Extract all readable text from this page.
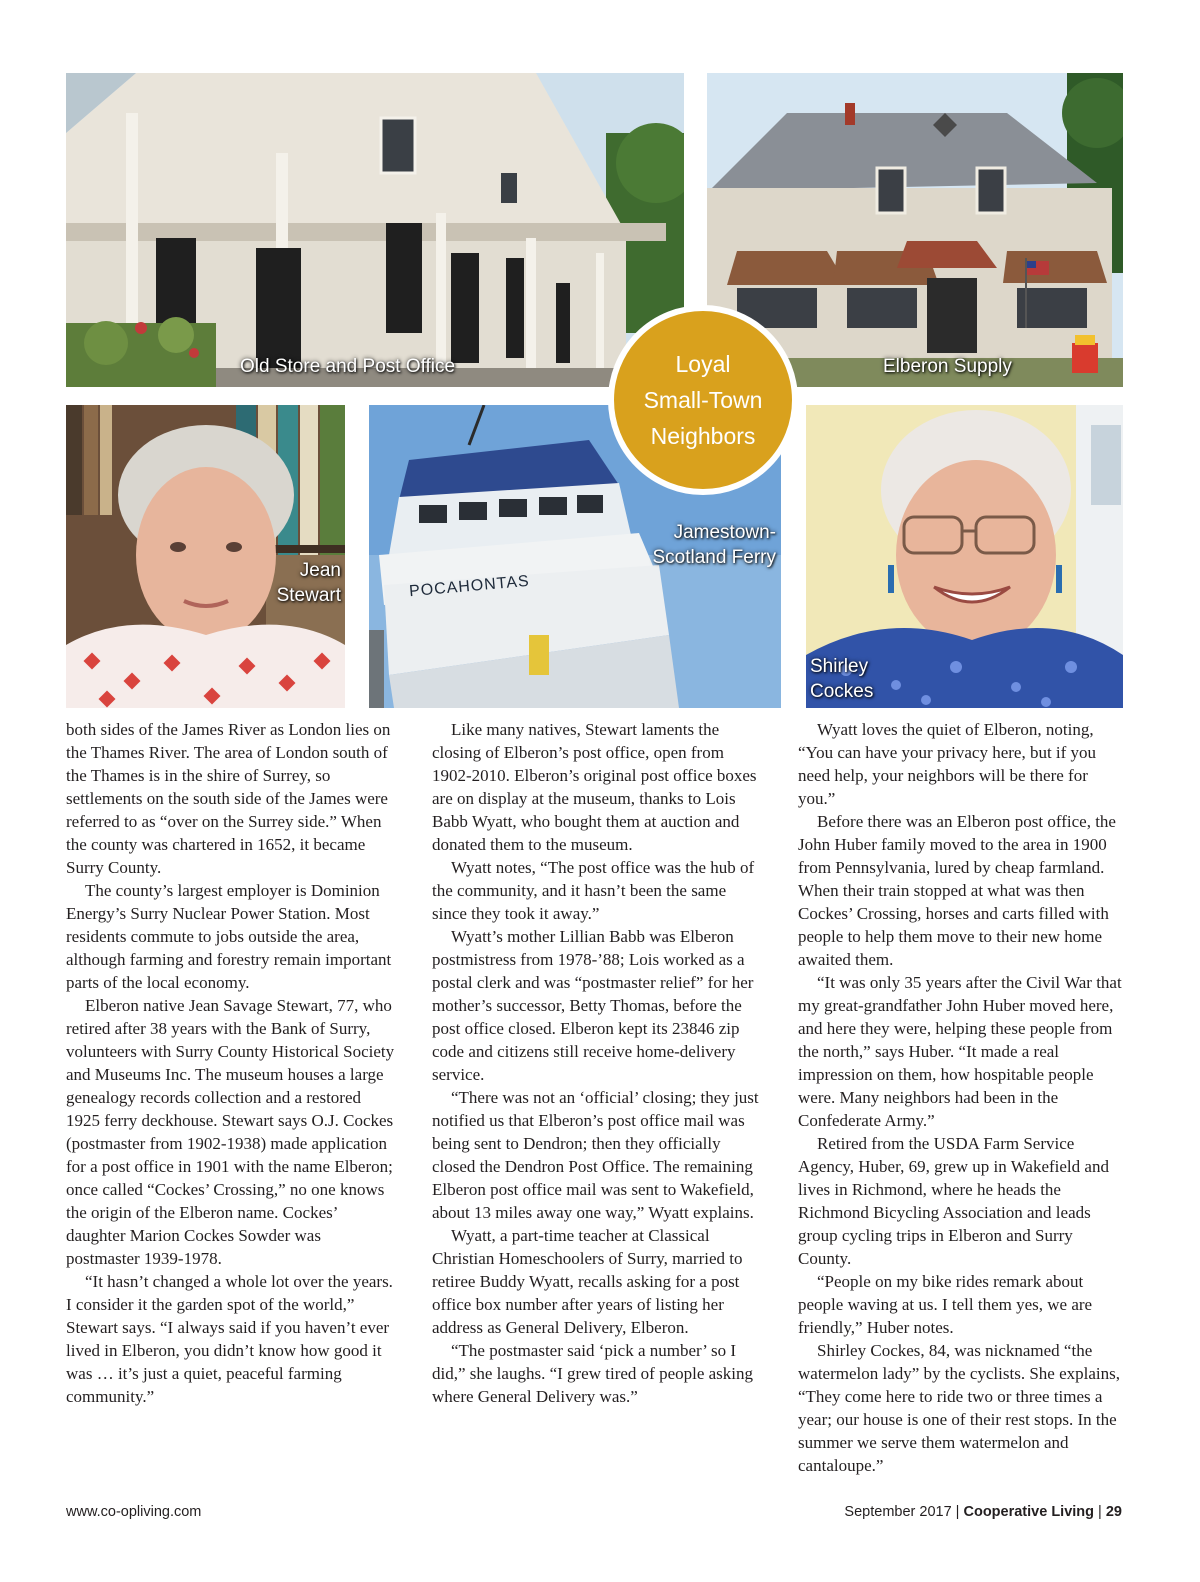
Old Store and Post Office	Elberon Supply
Jean
Stewart	POCAHONTAS
Jamestown-
Scotland Ferry
Shirley
Cockes
Loyal
Small-Town
Neighbors

both sides of the James River as London lies on the Thames River. The area of London south of the Thames is in the shire of Surrey, so settlements on the south side of the James were referred to as “over on the Surrey side.” When the county was chartered in 1652, it became Surry County.

The county’s largest employer is Dominion Energy’s Surry Nuclear Power Station. Most residents commute to jobs outside the area, although farming and forestry remain important parts of the local economy.

Elberon native Jean Savage Stewart, 77, who retired after 38 years with the Bank of Surry, volunteers with Surry County Historical Society and Museums Inc. The museum houses a large genealogy records collection and a restored 1925 ferry deckhouse. Stewart says O.J. Cockes (postmaster from 1902-1938) made application for a post office in 1901 with the name Elberon; once called “Cockes’ Crossing,” no one knows the origin of the Elberon name. Cockes’ daughter Marion Cockes Sowder was postmaster 1939-1978.

“It hasn’t changed a whole lot over the years. I consider it the garden spot of the world,” Stewart says. “I always said if you haven’t ever lived in Elberon, you didn’t know how good it was … it’s just a quiet, peaceful farming community.”

Like many natives, Stewart laments the closing of Elberon’s post office, open from 1902-2010. Elberon’s original post office boxes are on display at the museum, thanks to Lois Babb Wyatt, who bought them at auction and donated them to the museum.

Wyatt notes, “The post office was the hub of the community, and it hasn’t been the same since they took it away.”

Wyatt’s mother Lillian Babb was Elberon postmistress from 1978-’88; Lois worked as a postal clerk and was “postmaster relief” for her mother’s successor, Betty Thomas, before the post office closed. Elberon kept its 23846 zip code and citizens still receive home-delivery service.

“There was not an ‘official’ closing; they just notified us that Elberon’s post office mail was being sent to Dendron; then they officially closed the Dendron Post Office. The remaining Elberon post office mail was sent to Wakefield, about 13 miles away one way,” Wyatt explains.

Wyatt, a part-time teacher at Classical Christian Homeschoolers of Surry, married to retiree Buddy Wyatt, recalls asking for a post office box number after years of listing her address as General Delivery, Elberon.

“The postmaster said ‘pick a number’ so I did,” she laughs. “I grew tired of people asking where General Delivery was.”

Wyatt loves the quiet of Elberon, noting, “You can have your privacy here, but if you need help, your neighbors will be there for you.”

Before there was an Elberon post office, the John Huber family moved to the area in 1900 from Pennsylvania, lured by cheap farmland. When their train stopped at what was then Cockes’ Crossing, horses and carts filled with people to help them move to their new home awaited them.

“It was only 35 years after the Civil War that my great-grandfather John Huber moved here, and here they were, helping these people from the north,” says Huber. “It made a real impression on them, how hospitable people were. Many neighbors had been in the Confederate Army.”

Retired from the USDA Farm Service Agency, Huber, 69, grew up in Wakefield and lives in Richmond, where he heads the Richmond Bicycling Association and leads group cycling trips in Elberon and Surry County.

“People on my bike rides remark about people waving at us. I tell them yes, we are friendly,” Huber notes.

Shirley Cockes, 84, was nicknamed “the watermelon lady” by the cyclists. She explains, “They come here to ride two or three times a year; our house is one of their rest stops. In the summer we serve them watermelon and cantaloupe.”

www.co-opliving.com	September 2017 | Cooperative Living | 29
